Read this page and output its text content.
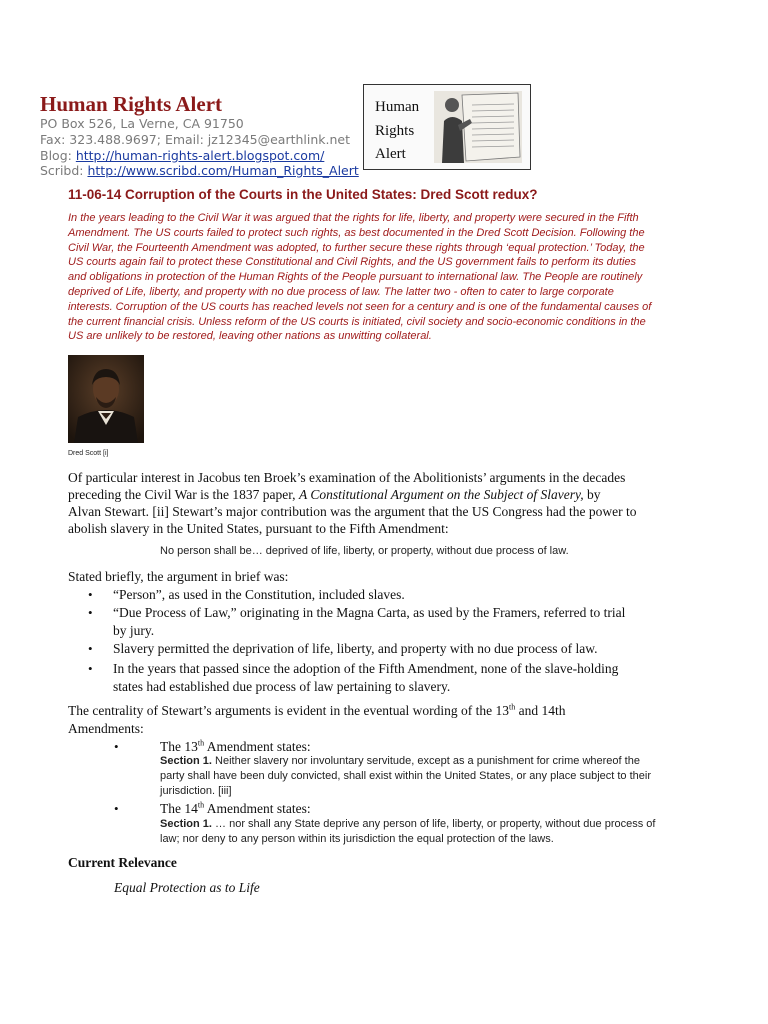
Human Rights Alert
PO Box 526, La Verne, CA 91750
Fax: 323.488.9697; Email: jz12345@earthlink.net
Blog: http://human-rights-alert.blogspot.com/
Scribd: http://www.scribd.com/Human_Rights_Alert
Human
Rights
Alert
11-06-14 Corruption of the Courts in the United States: Dred Scott redux?
In the years leading to the Civil War it was argued that the rights for life, liberty, and property were secured in the Fifth
Amendment. The US courts failed to protect such rights, as best documented in the Dred Scott Decision. Following the
Civil War, the Fourteenth Amendment was adopted, to further secure these rights through ‘equal protection.’ Today, the
US courts again fail to protect these Constitutional and Civil Rights, and the US government fails to perform its duties
and obligations in protection of the Human Rights of the People pursuant to international law. The People are routinely
deprived of Life, liberty, and property with no due process of law. The latter two - often to cater to large corporate
interests. Corruption of the US courts has reached levels not seen for a century and is one of the fundamental causes of
the current financial crisis. Unless reform of the US courts is initiated, civil society and socio-economic conditions in the
US are unlikely to be restored, leaving other nations as unwitting collateral.
Dred Scott [i]
Of particular interest in Jacobus ten Broek’s examination of the Abolitionists’ arguments in the decades
preceding the Civil War is the 1837 paper, A Constitutional Argument on the Subject of Slavery, by
Alvan Stewart. [ii] Stewart’s major contribution was the argument that the US Congress had the power to
abolish slavery in the United States, pursuant to the Fifth Amendment:
No person shall be… deprived of life, liberty, or property, without due process of law.
Stated briefly, the argument in brief was:
• “Person”, as used in the Constitution, included slaves.
• “Due Process of Law,” originating in the Magna Carta, as used by the Framers, referred to trial
by jury.
• Slavery permitted the deprivation of life, liberty, and property with no due process of law.
• In the years that passed since the adoption of the Fifth Amendment, none of the slave-holding
states had established due process of law pertaining to slavery.
The centrality of Stewart’s arguments is evident in the eventual wording of the 13th and 14th
Amendments:
•	The 13th Amendment states:
Section 1. Neither slavery nor involuntary servitude, except as a punishment for crime whereof the
party shall have been duly convicted, shall exist within the United States, or any place subject to their
jurisdiction. [iii]
•	The 14th Amendment states:
Section 1. … nor shall any State deprive any person of life, liberty, or property, without due process of
law; nor deny to any person within its jurisdiction the equal protection of the laws.
Current Relevance
Equal Protection as to Life
